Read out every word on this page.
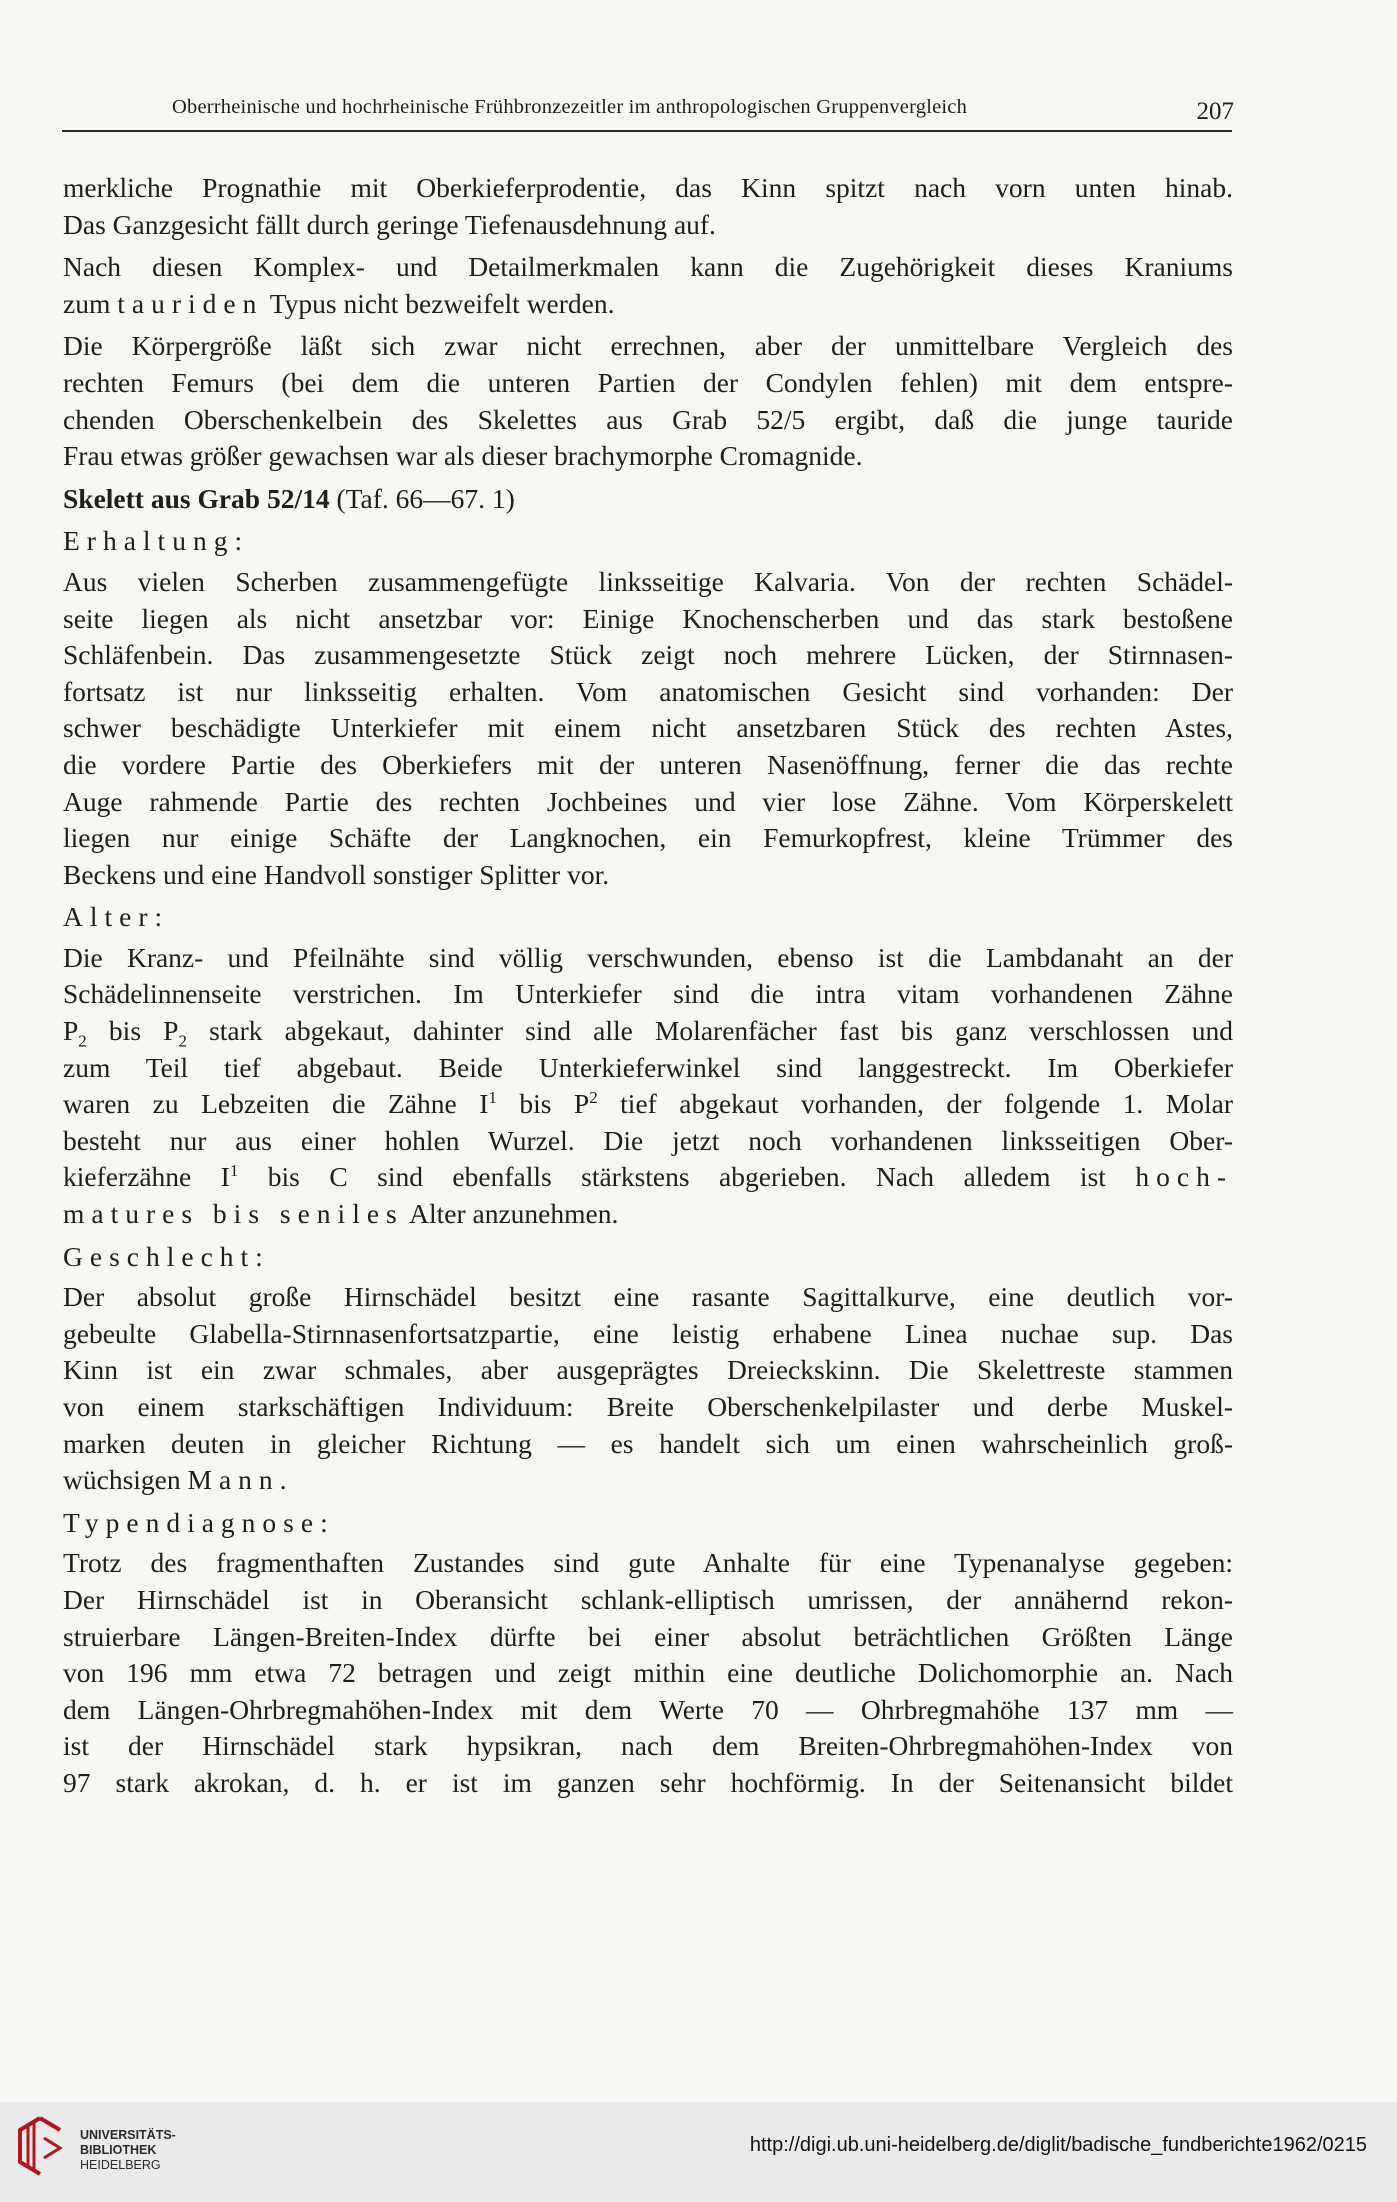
Oberrheinische und hochrheinische Frühbronzezeitler im anthropologischen Gruppenvergleich	207

merkliche Prognathie mit Oberkieferprodentie, das Kinn spitzt nach vorn unten hinab.
Das Ganzgesicht fällt durch geringe Tiefenausdehnung auf.

Nach diesen Komplex- und Detailmerkmalen kann die Zugehörigkeit dieses Kraniums
zum tauriden Typus nicht bezweifelt werden.

Die Körpergröße läßt sich zwar nicht errechnen, aber der unmittelbare Vergleich des
rechten Femurs (bei dem die unteren Partien der Condylen fehlen) mit dem entspre-
chenden Oberschenkelbein des Skelettes aus Grab 52/5 ergibt, daß die junge tauride
Frau etwas größer gewachsen war als dieser brachymorphe Cromagnide.

Skelett aus Grab 52/14 (Taf. 66—67. 1)

Erhaltung:

Aus vielen Scherben zusammengefügte linksseitige Kalvaria. Von der rechten Schädel-
seite liegen als nicht ansetzbar vor: Einige Knochenscherben und das stark bestoßene
Schläfenbein. Das zusammengesetzte Stück zeigt noch mehrere Lücken, der Stirnnasen-
fortsatz ist nur linksseitig erhalten. Vom anatomischen Gesicht sind vorhanden: Der
schwer beschädigte Unterkiefer mit einem nicht ansetzbaren Stück des rechten Astes,
die vordere Partie des Oberkiefers mit der unteren Nasenöffnung, ferner die das rechte
Auge rahmende Partie des rechten Jochbeines und vier lose Zähne. Vom Körperskelett
liegen nur einige Schäfte der Langknochen, ein Femurkopfrest, kleine Trümmer des
Beckens und eine Handvoll sonstiger Splitter vor.

Alter:

Die Kranz- und Pfeilnähte sind völlig verschwunden, ebenso ist die Lambdanaht an der
Schädelinnenseite verstrichen. Im Unterkiefer sind die intra vitam vorhandenen Zähne
$P_2$ bis $P_2$ stark abgekaut, dahinter sind alle Molarenfächer fast bis ganz verschlossen und
zum Teil tief abgebaut. Beide Unterkieferwinkel sind langgestreckt. Im Oberkiefer
waren zu Lebzeiten die Zähne $I^1$ bis $P^2$ tief abgekaut vorhanden, der folgende 1. Molar
besteht nur aus einer hohlen Wurzel. Die jetzt noch vorhandenen linksseitigen Ober-
kieferzähne $I^1$ bis C sind ebenfalls stärkstens abgerieben. Nach alledem ist hoch-
matures bis seniles Alter anzunehmen.

Geschlecht:

Der absolut große Hirnschädel besitzt eine rasante Sagittalkurve, eine deutlich vor-
gebeulte Glabella-Stirnnasenfortsatzpartie, eine leistig erhabene Linea nuchae sup. Das
Kinn ist ein zwar schmales, aber ausgeprägtes Dreieckskinn. Die Skelettreste stammen
von einem starkschäftigen Individuum: Breite Oberschenkelpilaster und derbe Muskel-
marken deuten in gleicher Richtung — es handelt sich um einen wahrscheinlich groß-
wüchsigen Mann.

Typendiagnose:

Trotz des fragmenthaften Zustandes sind gute Anhalte für eine Typenanalyse gegeben:
Der Hirnschädel ist in Oberansicht schlank-elliptisch umrissen, der annähernd rekon-
struierbare Längen-Breiten-Index dürfte bei einer absolut beträchtlichen Größten Länge
von 196 mm etwa 72 betragen und zeigt mithin eine deutliche Dolichomorphie an. Nach
dem Längen-Ohrbregmahöhen-Index mit dem Werte 70 — Ohrbregmahöhe 137 mm —
ist der Hirnschädel stark hypsikran, nach dem Breiten-Ohrbregmahöhen-Index von
97 stark akrokan, d. h. er ist im ganzen sehr hochförmig. In der Seitenansicht bildet

UNIVERSITÄTS-
BIBLIOTHEK
HEIDELBERG
http://digi.ub.uni-heidelberg.de/diglit/badische_fundberichte1962/0215
